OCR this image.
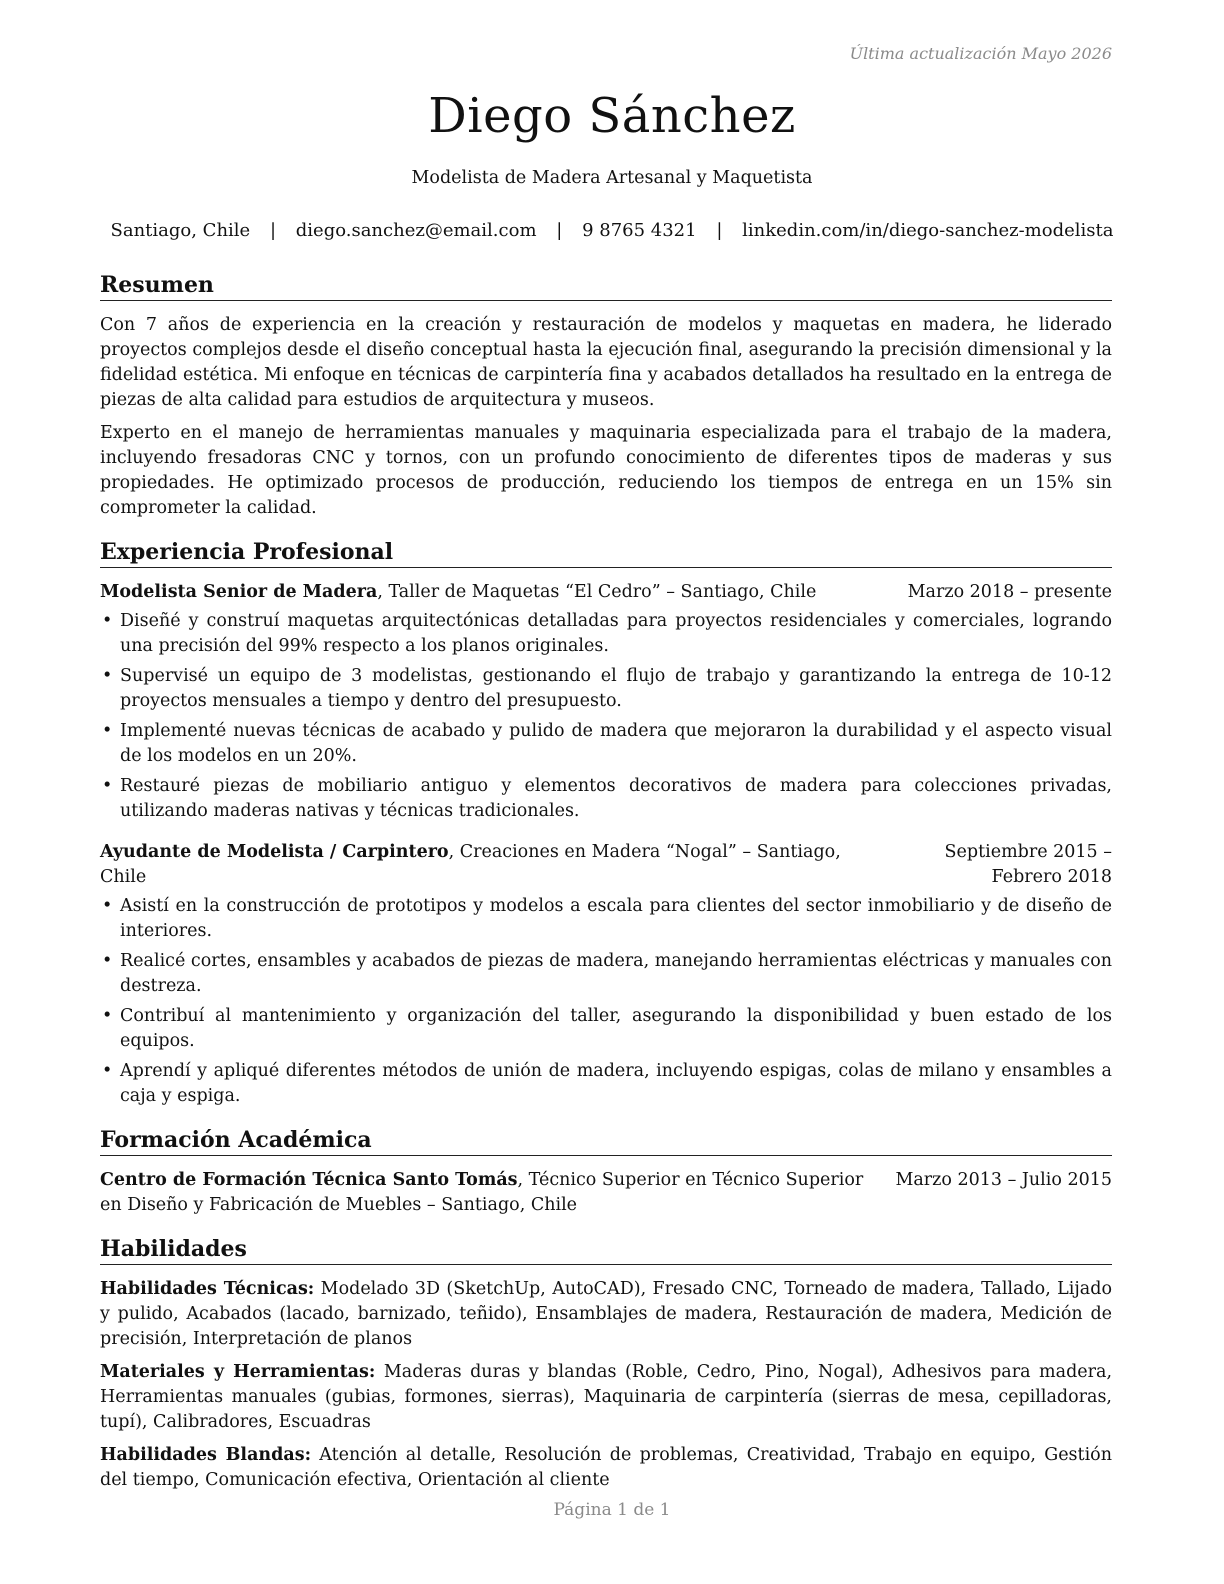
Última actualización Mayo 2026
Diego Sánchez
Modelista de Madera Artesanal y Maquetista
Santiago, Chile | diego.sanchez@email.com | 9 8765 4321 | linkedin.com/in/diego-sanchez-modelista
Resumen

Con 7 años de experiencia en la creación y restauración de modelos y maquetas en madera, he liderado proyectos complejos desde el diseño conceptual hasta la ejecución final, asegurando la precisión dimensional y la fidelidad estética. Mi enfoque en técnicas de carpintería fina y acabados detallados ha resultado en la entrega de piezas de alta calidad para estudios de arquitectura y museos.

Experto en el manejo de herramientas manuales y maquinaria especializada para el trabajo de la madera, incluyendo fresadoras CNC y tornos, con un profundo conocimiento de diferentes tipos de maderas y sus propiedades. He optimizado procesos de producción, reduciendo los tiempos de entrega en un 15% sin comprometer la calidad.

Experiencia Profesional
Modelista Senior de Madera, Taller de Maquetas “El Cedro” – Santiago, Chile	Marzo 2018 – presente
• Diseñé y construí maquetas arquitectónicas detalladas para proyectos residenciales y comerciales, logrando una precisión del 99% respecto a los planos originales.
• Supervisé un equipo de 3 modelistas, gestionando el flujo de trabajo y garantizando la entrega de 10-12 proyectos mensuales a tiempo y dentro del presupuesto.
• Implementé nuevas técnicas de acabado y pulido de madera que mejoraron la durabilidad y el aspecto visual de los modelos en un 20%.
• Restauré piezas de mobiliario antiguo y elementos decorativos de madera para colecciones privadas, utilizando maderas nativas y técnicas tradicionales.
Ayudante de Modelista / Carpintero, Creaciones en Madera “Nogal” – Santiago, Chile
Septiembre 2015 – Febrero 2018
• Asistí en la construcción de prototipos y modelos a escala para clientes del sector inmobiliario y de diseño de interiores.
• Realicé cortes, ensambles y acabados de piezas de madera, manejando herramientas eléctricas y manuales con destreza.
• Contribuí al mantenimiento y organización del taller, asegurando la disponibilidad y buen estado de los equipos.
• Aprendí y apliqué diferentes métodos de unión de madera, incluyendo espigas, colas de milano y ensambles a caja y espiga.
Formación Académica
Centro de Formación Técnica Santo Tomás, Técnico Superior en Técnico Superior en Diseño y Fabricación de Muebles – Santiago, Chile
Marzo 2013 – Julio 2015
Habilidades
Habilidades Técnicas: Modelado 3D (SketchUp, AutoCAD), Fresado CNC, Torneado de madera, Tallado, Lijado y pulido, Acabados (lacado, barnizado, teñido), Ensamblajes de madera, Restauración de madera, Medición de precisión, Interpretación de planos
Materiales y Herramientas: Maderas duras y blandas (Roble, Cedro, Pino, Nogal), Adhesivos para madera, Herramientas manuales (gubias, formones, sierras), Maquinaria de carpintería (sierras de mesa, cepilladoras, tupí), Calibradores, Escuadras
Habilidades Blandas: Atención al detalle, Resolución de problemas, Creatividad, Trabajo en equipo, Gestión del tiempo, Comunicación efectiva, Orientación al cliente
Página 1 de 1
